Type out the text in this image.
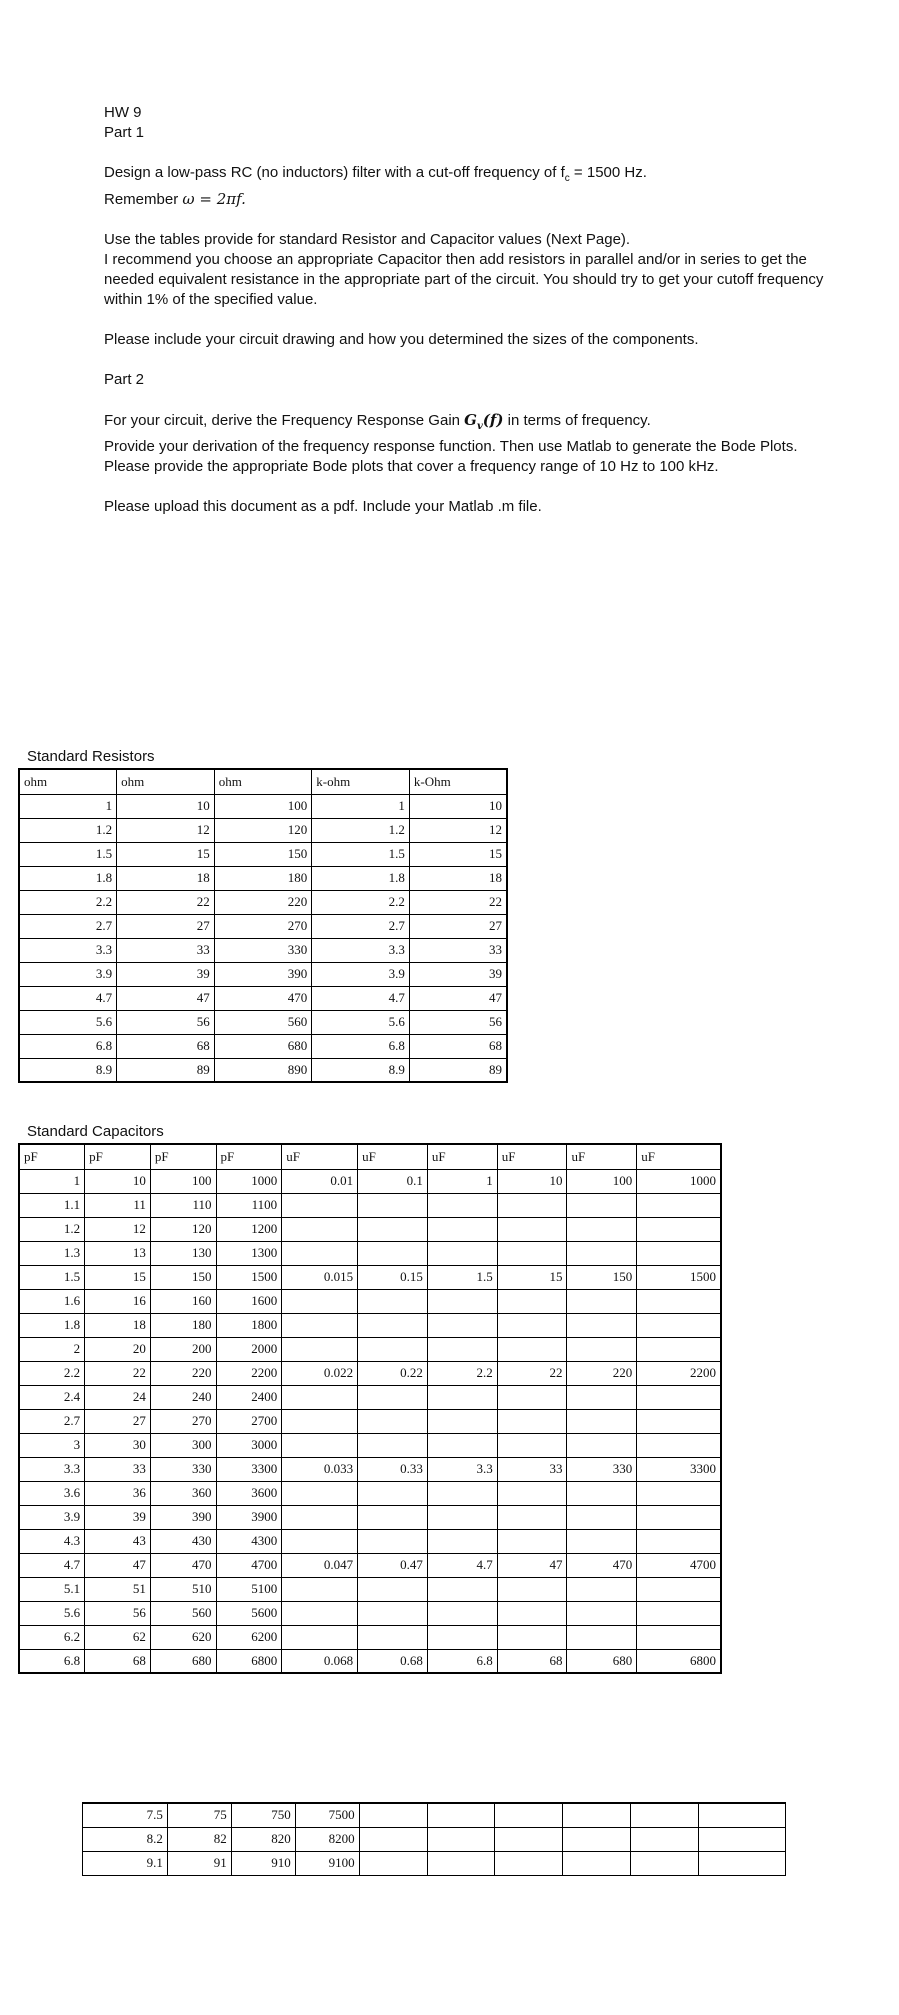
HW 9

Part 1

Design a low-pass RC (no inductors) filter with a cut-off frequency of $f_c = 1500$ Hz.

Remember ω = 2πf.

Use the tables provide for standard Resistor and Capacitor values (Next Page).

I recommend you choose an appropriate Capacitor then add resistors in parallel and/or in series to get the needed equivalent resistance in the appropriate part of the circuit. You should try to get your cutoff frequency within 1% of the specified value.

Please include your circuit drawing and how you determined the sizes of the components.

Part 2

For your circuit, derive the Frequency Response Gain $G_v(f)$ in terms of frequency.

Provide your derivation of the frequency response function. Then use Matlab to generate the Bode Plots. Please provide the appropriate Bode plots that cover a frequency range of 10 Hz to 100 kHz.

Please upload this document as a pdf. Include your Matlab .m file.

Standard Resistors
ohm	ohm	ohm	k-ohm	k-Ohm
1	10	100	1	10
1.2	12	120	1.2	12
1.5	15	150	1.5	15
1.8	18	180	1.8	18
2.2	22	220	2.2	22
2.7	27	270	2.7	27
3.3	33	330	3.3	33
3.9	39	390	3.9	39
4.7	47	470	4.7	47
5.6	56	560	5.6	56
6.8	68	680	6.8	68
8.9	89	890	8.9	89
Standard Capacitors
pF	pF	pF	pF	uF	uF	uF	uF	uF	uF
1	10	100	1000	0.01	0.1	1	10	100	1000
1.1	11	110	1100						
1.2	12	120	1200						
1.3	13	130	1300						
1.5	15	150	1500	0.015	0.15	1.5	15	150	1500
1.6	16	160	1600						
1.8	18	180	1800						
2	20	200	2000						
2.2	22	220	2200	0.022	0.22	2.2	22	220	2200
2.4	24	240	2400						
2.7	27	270	2700						
3	30	300	3000						
3.3	33	330	3300	0.033	0.33	3.3	33	330	3300
3.6	36	360	3600						
3.9	39	390	3900						
4.3	43	430	4300						
4.7	47	470	4700	0.047	0.47	4.7	47	470	4700
5.1	51	510	5100						
5.6	56	560	5600						
6.2	62	620	6200						
6.8	68	680	6800	0.068	0.68	6.8	68	680	6800
7.5	75	750	7500						
8.2	82	820	8200						
9.1	91	910	9100						
